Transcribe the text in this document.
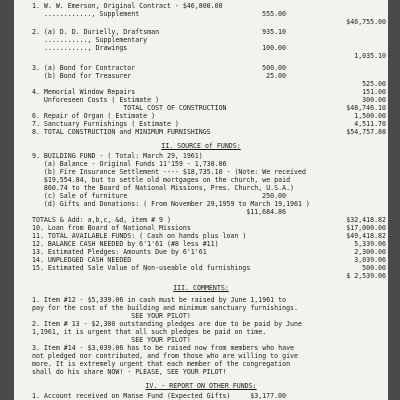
1. W. W. Emerson, Original Contract - $46,800.00
............, Supplement	555.00
$46,755.00
2. (a) D. D. Durielly, Draftsman	935.10
..........., Supplementary
..........., Drawings	100.00
1,035.10
3. (a) Bond for Contractor	500.00
(b) Bond for Treasurer	25.00
525.00
4. Memorial Window Repairs	151.00
Unforeseen Costs ( Estimate )	300.00
TOTAL COST OF CONSTRUCTION	$48,746.10
6. Repair of Organ ( Estimate )	1,500.00
7. Sanctuary Furnishings ( Estimate )	4,511.70
8. TOTAL CONSTRUCTION and MINIMUM FURNISHINGS	$54,757.88
II. SOURCE of FUNDS:
9. BUILDING FUND - ( Total: March 29, 1961)
(a) Balance - Original Funds 11'159 - 1,738.86
(b) Fire Insurance Settlement ---- $18,735.10 - (Note: We received
$19,554.84, but to settle old mortgages on the church, we paid
860.74 to the Board of National Missions, Pres. Church, U.S.A.)
(c) Sale of furniture	250.00
(d) Gifts and Donations: ( From November 29,1959 to March 19,1961 )
$11,684.86
TOTALS & Add: a,b,c, &d, item # 9 )	$32,418.82
10. Loan from Board of National Missions	$17,000.00
11. TOTAL AVAILABLE FUNDS: ( Cash on hands plus loan )	$49,418.82
12. BALANCE CASH NEEDED by 6'1'61 (#8 less #11)	5,339.06
13. Estimated Pledges: Amounts Due by 6'1'61	2,300.00
14. UNPLEDGED CASH NEEDED	3,039.06
15. Estimated Sale Value of Non-useable old furnishings	500.00
$ 2,539.06
III. COMMENTS:
1. Item #12 - $5,339.06 in cash must be raised by June 1,1961 to
pay for the cost of the building and minimum sanctuary furnishings.
SEE YOUR PILOT!
2. Item # 13 - $2,300 outstanding pledges are due to be paid by June
1,1961, it is urgent that all such pledges be paid on time.
SEE YOUR PILOT!
3. Item #14 - $3,039.06 has to be raised now from members who have
not pledged nor contributed, and from those who are willing to give
more. It is extremely urgent that each member of the congregation
shall do his share NOW! - PLEASE, SEE YOUR PILOT!
IV. - REPORT ON OTHER FUNDS:
1. Account received on Manse Fund (Expected Gifts)	$3,177.00
